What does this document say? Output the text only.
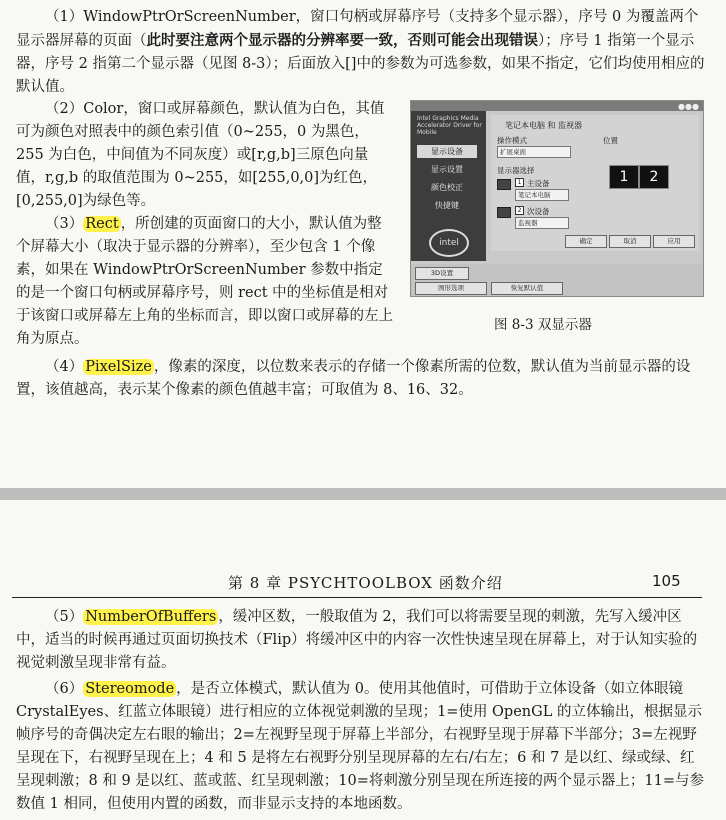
（1）WindowPtrOrScreenNumber，窗口句柄或屏幕序号（支持多个显示器），序号 0 为覆盖两个显示器屏幕的页面（此时要注意两个显示器的分辨率要一致，否则可能会出现错误）；序号 1 指第一个显示器，序号 2 指第二个显示器（见图 8-3）；后面放入[]中的参数为可选参数，如果不指定，它们均使用相应的默认值。

（2）Color，窗口或屏幕颜色，默认值为白色，其值可为颜色对照表中的颜色索引值（0~255，0 为黑色，255 为白色，中间值为不同灰度）或[r,g,b]三原色向量值，r,g,b 的取值范围为 0~255，如[255,0,0]为红色，[0,255,0]为绿色等。

（3） Rect ，所创建的页面窗口的大小，默认值为整个屏幕大小（取决于显示器的分辨率），至少包含 1 个像素，如果在 WindowPtrOrScreenNumber 参数中指定的是一个窗口句柄或屏幕序号，则 rect 中的坐标值是相对于该窗口或屏幕左上角的坐标而言，即以窗口或屏幕的左上角为原点。

●●●
Intel Graphics Media Accelerator Driver for Mobile
显示设备
显示设置
颜色校正
快捷键
intel
笔记本电脑 和 监视器
操作模式
扩展桌面
位置
显示器选择
1 主设备
笔记本电脑
2 次设备
监视器
1	2
确定	取消	应用
3D设置
图形选项	恢复默认值
图 8-3 双显示器

（4） PixelSize ，像素的深度，以位数来表示的存储一个像素所需的位数，默认值为当前显示器的设置，该值越高，表示某个像素的颜色值越丰富；可取值为 8、16、32。

第 8 章 PSYCHTOOLBOX 函数介绍	105

（5） NumberOfBuffers ，缓冲区数，一般取值为 2，我们可以将需要呈现的刺激，先写入缓冲区中，适当的时候再通过页面切换技术（Flip）将缓冲区中的内容一次性快速呈现在屏幕上，对于认知实验的视觉刺激呈现非常有益。

（6） Stereomode ，是否立体模式，默认值为 0。使用其他值时，可借助于立体设备（如立体眼镜 CrystalEyes、红蓝立体眼镜）进行相应的立体视觉刺激的呈现；1=使用 OpenGL 的立体输出，根据显示帧序号的奇偶决定左右眼的输出；2=左视野呈现于屏幕上半部分，右视野呈现于屏幕下半部分；3=左视野呈现在下，右视野呈现在上；4 和 5 是将左右视野分别呈现屏幕的左右/右左；6 和 7 是以红、绿或绿、红呈现刺激；8 和 9 是以红、蓝或蓝、红呈现刺激；10=将刺激分别呈现在所连接的两个显示器上；11=与参数值 1 相同，但使用内置的函数，而非显示支持的本地函数。
